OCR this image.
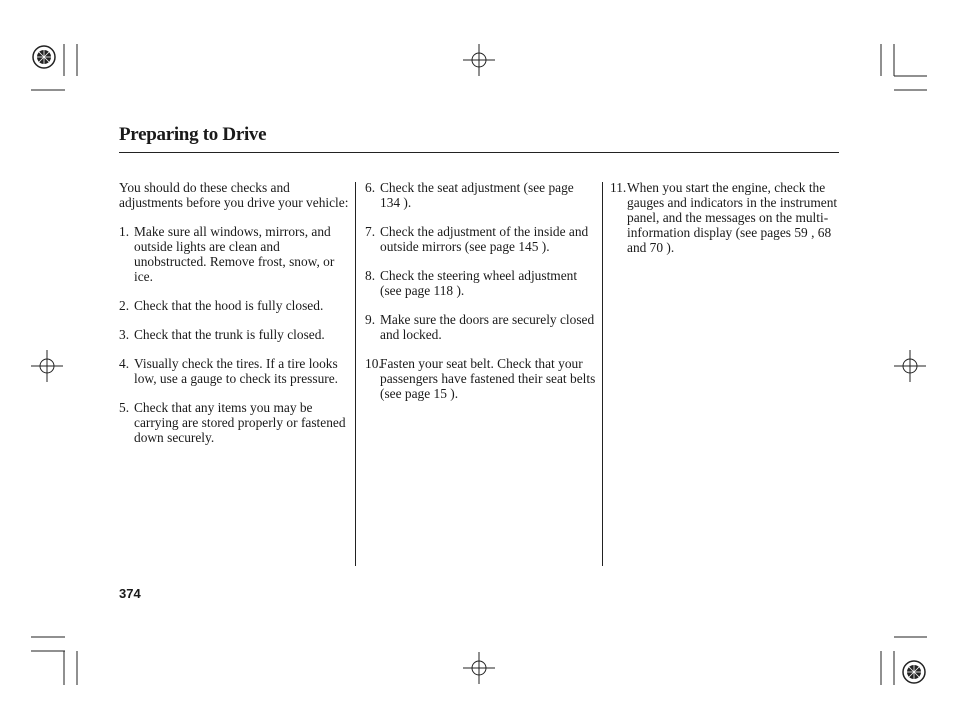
Preparing to Drive

You should do these checks and adjustments before you drive your vehicle:

1. Make sure all windows, mirrors, and outside lights are clean and unobstructed. Remove frost, snow, or ice.
2. Check that the hood is fully closed.
3. Check that the trunk is fully closed.
4. Visually check the tires. If a tire looks low, use a gauge to check its pressure.
5. Check that any items you may be carrying are stored properly or fastened down securely.
6. Check the seat adjustment (see page 134 ).
7. Check the adjustment of the inside and outside mirrors (see page 145 ).
8. Check the steering wheel adjustment (see page 118 ).
9. Make sure the doors are securely closed and locked.
10.
Fasten your seat belt. Check that your passengers have fastened their seat belts (see page 15 ).
11. When you start the engine, check the gauges and indicators in the instrument panel, and the messages on the multi-information display (see pages 59 , 68 and 70 ).
374
